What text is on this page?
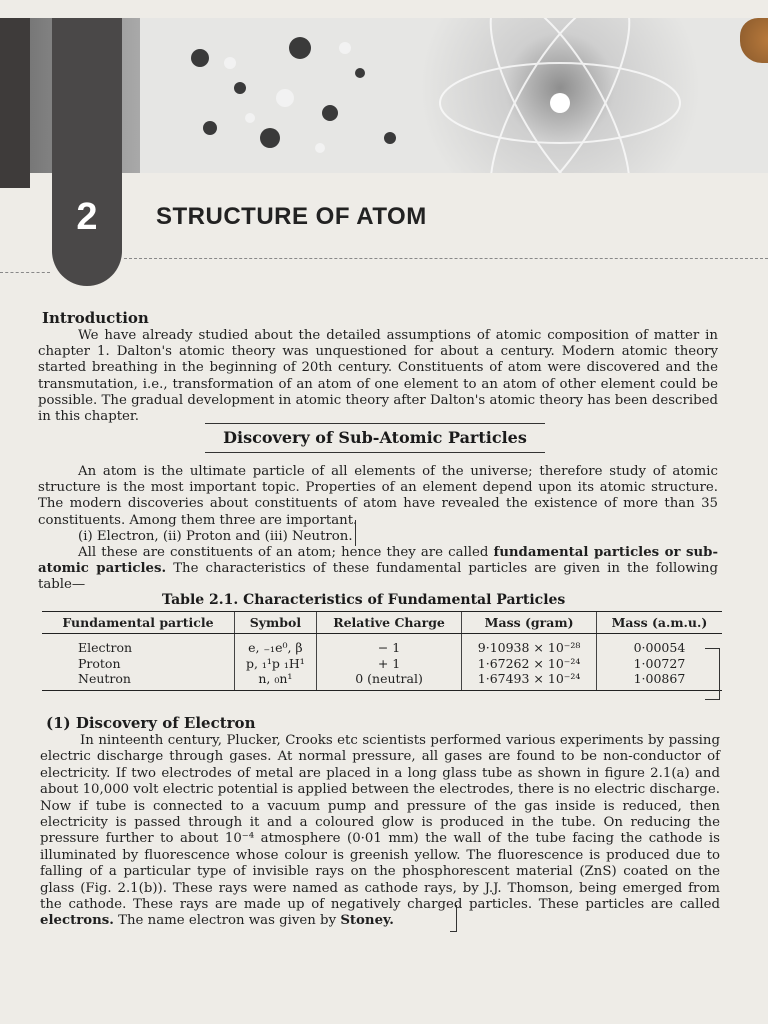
2	STRUCTURE OF ATOM
Introduction

We have already studied about the detailed assumptions of atomic composition of matter in chapter 1. Dalton's atomic theory was unquestioned for about a century. Modern atomic theory started breathing in the beginning of 20th century. Constituents of atom were discovered and the transmutation, i.e., transformation of an atom of one element to an atom of other element could be possible. The gradual development in atomic theory after Dalton's atomic theory has been described in this chapter.

Discovery of Sub-Atomic Particles

An atom is the ultimate particle of all elements of the universe; therefore study of atomic structure is the most important topic. Properties of an element depend upon its atomic structure. The modern discoveries about constituents of atom have revealed the existence of more than 35 constituents. Among them three are important.

(i) Electron, (ii) Proton and (iii) Neutron.

All these are constituents of an atom; hence they are called fundamental particles or sub-atomic particles. The characteristics of these fundamental particles are given in the following table—

Table 2.1. Characteristics of Fundamental Particles
Fundamental particle	Symbol	Relative Charge	Mass (gram)	Mass (a.m.u.)
Electron	e, ₋₁e⁰, β	− 1	9·10938 × 10⁻²⁸	0·00054
Proton	p, ₁¹p ₁H¹	+ 1	1·67262 × 10⁻²⁴	1·00727
Neutron	n, ₀n¹	0 (neutral)	1·67493 × 10⁻²⁴	1·00867
(1) Discovery of Electron

In ninteenth century, Plucker, Crooks etc scientists performed various experiments by passing electric discharge through gases. At normal pressure, all gases are found to be non-conductor of electricity. If two electrodes of metal are placed in a long glass tube as shown in figure 2.1(a) and about 10,000 volt electric potential is applied between the electrodes, there is no electric discharge. Now if tube is connected to a vacuum pump and pressure of the gas inside is reduced, then electricity is passed through it and a coloured glow is produced in the tube. On reducing the pressure further to about 10⁻⁴ atmosphere (0·01 mm) the wall of the tube facing the cathode is illuminated by fluorescence whose colour is greenish yellow. The fluorescence is produced due to falling of a particular type of invisible rays on the phosphorescent material (ZnS) coated on the glass (Fig. 2.1(b)). These rays were named as cathode rays, by J.J. Thomson, being emerged from the cathode. These rays are made up of negatively charged particles. These particles are called electrons. The name electron was given by Stoney.
